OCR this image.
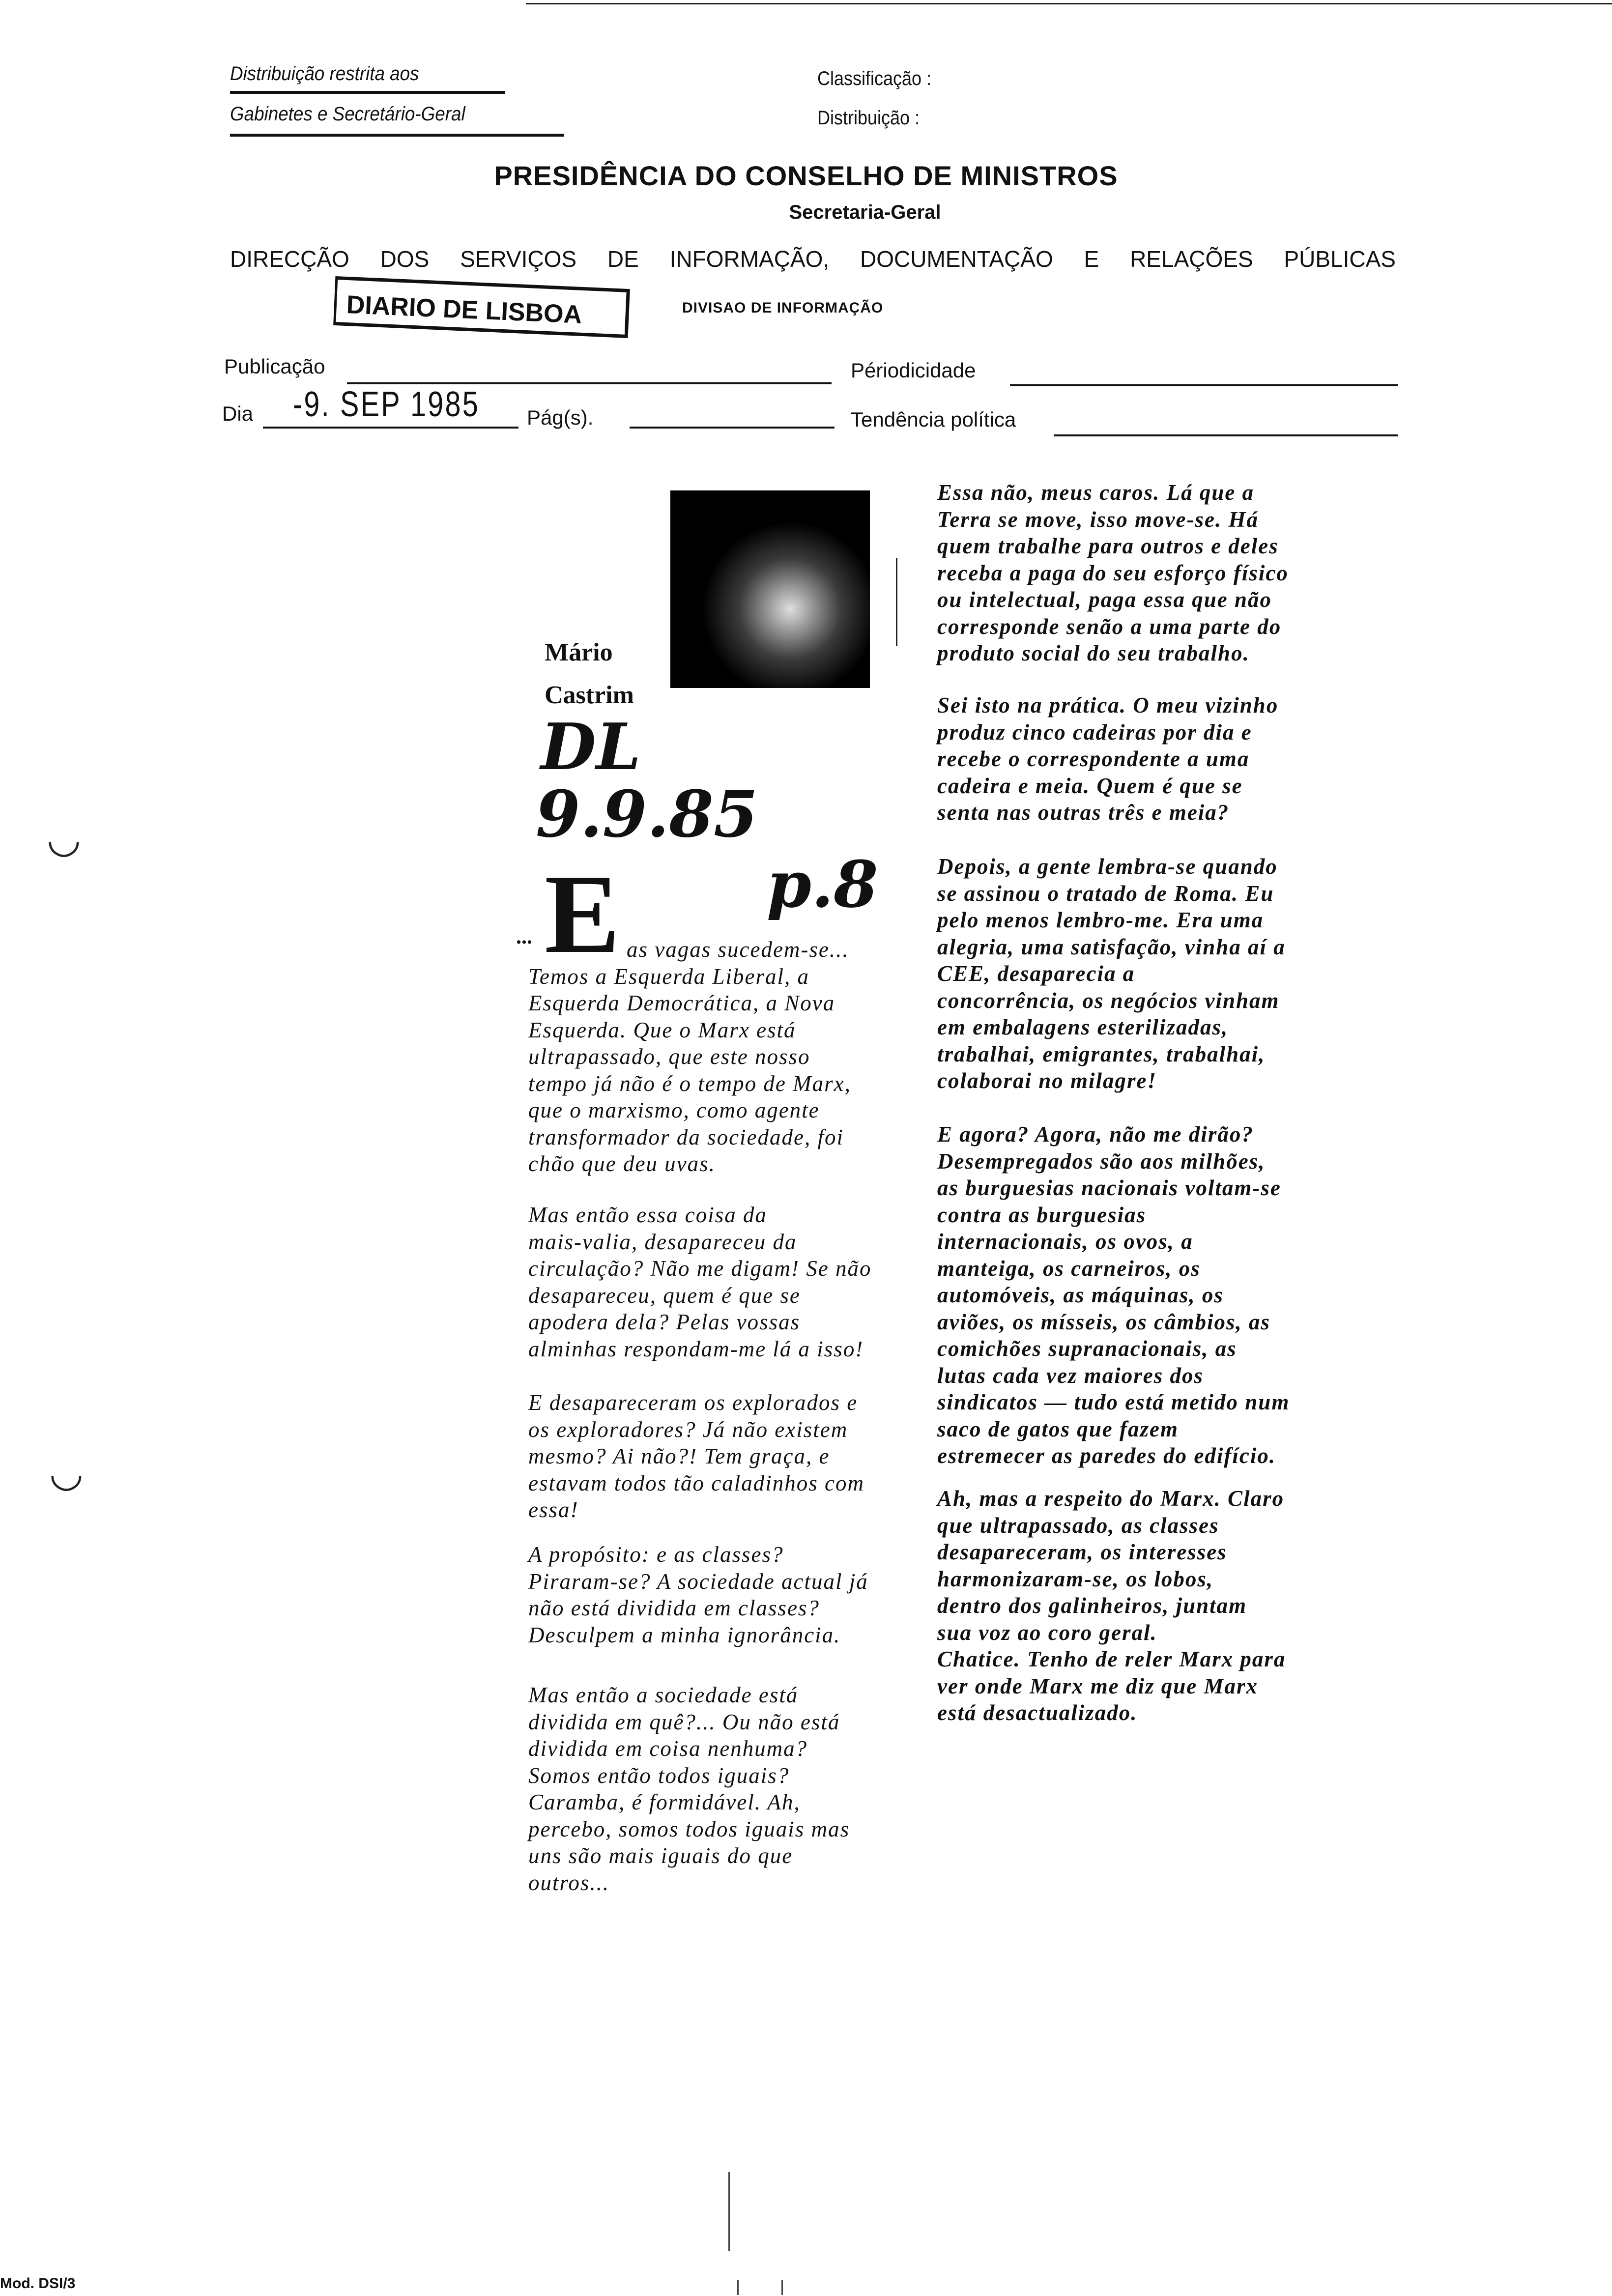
Distribuição restrita aos
Gabinetes e Secretário-Geral
Classificação :
Distribuição :
PRESIDÊNCIA DO CONSELHO DE MINISTROS
Secretaria-Geral
DIRECÇÃO DOS SERVIÇOS DE INFORMAÇÃO, DOCUMENTAÇÃO E RELAÇÕES PÚBLICAS
DIARIO DE LISBOA	DIVISAO DE INFORMAÇÃO
Publicação	Périodicidade
Dia -9. SEP 1985 Pág(s).	Tendência política
Mário
Castrim
DL
9.9.85
p.8
... E as vagas sucedem-se...
Temos a Esquerda Liberal, a
Esquerda Democrática, a Nova
Esquerda. Que o Marx está
ultrapassado, que este nosso
tempo já não é o tempo de Marx,
que o marxismo, como agente
transformador da sociedade, foi
chão que deu uvas.
Mas então essa coisa da
mais-valia, desapareceu da
circulação? Não me digam! Se não
desapareceu, quem é que se
apodera dela? Pelas vossas
alminhas respondam-me lá a isso!
E desapareceram os explorados e
os exploradores? Já não existem
mesmo? Ai não?! Tem graça, e
estavam todos tão caladinhos com
essa!
A propósito: e as classes?
Piraram-se? A sociedade actual já
não está dividida em classes?
Desculpem a minha ignorância.
Mas então a sociedade está
dividida em quê?... Ou não está
dividida em coisa nenhuma?
Somos então todos iguais?
Caramba, é formidável. Ah,
percebo, somos todos iguais mas
uns são mais iguais do que
outros...
Essa não, meus caros. Lá que a
Terra se move, isso move-se. Há
quem trabalhe para outros e deles
receba a paga do seu esforço físico
ou intelectual, paga essa que não
corresponde senão a uma parte do
produto social do seu trabalho.
Sei isto na prática. O meu vizinho
produz cinco cadeiras por dia e
recebe o correspondente a uma
cadeira e meia. Quem é que se
senta nas outras três e meia?
Depois, a gente lembra-se quando
se assinou o tratado de Roma. Eu
pelo menos lembro-me. Era uma
alegria, uma satisfação, vinha aí a
CEE, desaparecia a
concorrência, os negócios vinham
em embalagens esterilizadas,
trabalhai, emigrantes, trabalhai,
colaborai no milagre!
E agora? Agora, não me dirão?
Desempregados são aos milhões,
as burguesias nacionais voltam-se
contra as burguesias
internacionais, os ovos, a
manteiga, os carneiros, os
automóveis, as máquinas, os
aviões, os mísseis, os câmbios, as
comichões supranacionais, as
lutas cada vez maiores dos
sindicatos — tudo está metido num
saco de gatos que fazem
estremecer as paredes do edifício.
Ah, mas a respeito do Marx. Claro
que ultrapassado, as classes
desapareceram, os interesses
harmonizaram-se, os lobos,
dentro dos galinheiros, juntam
sua voz ao coro geral.
Chatice. Tenho de reler Marx para
ver onde Marx me diz que Marx
está desactualizado.
◡
◡
Mod. DSI/3
